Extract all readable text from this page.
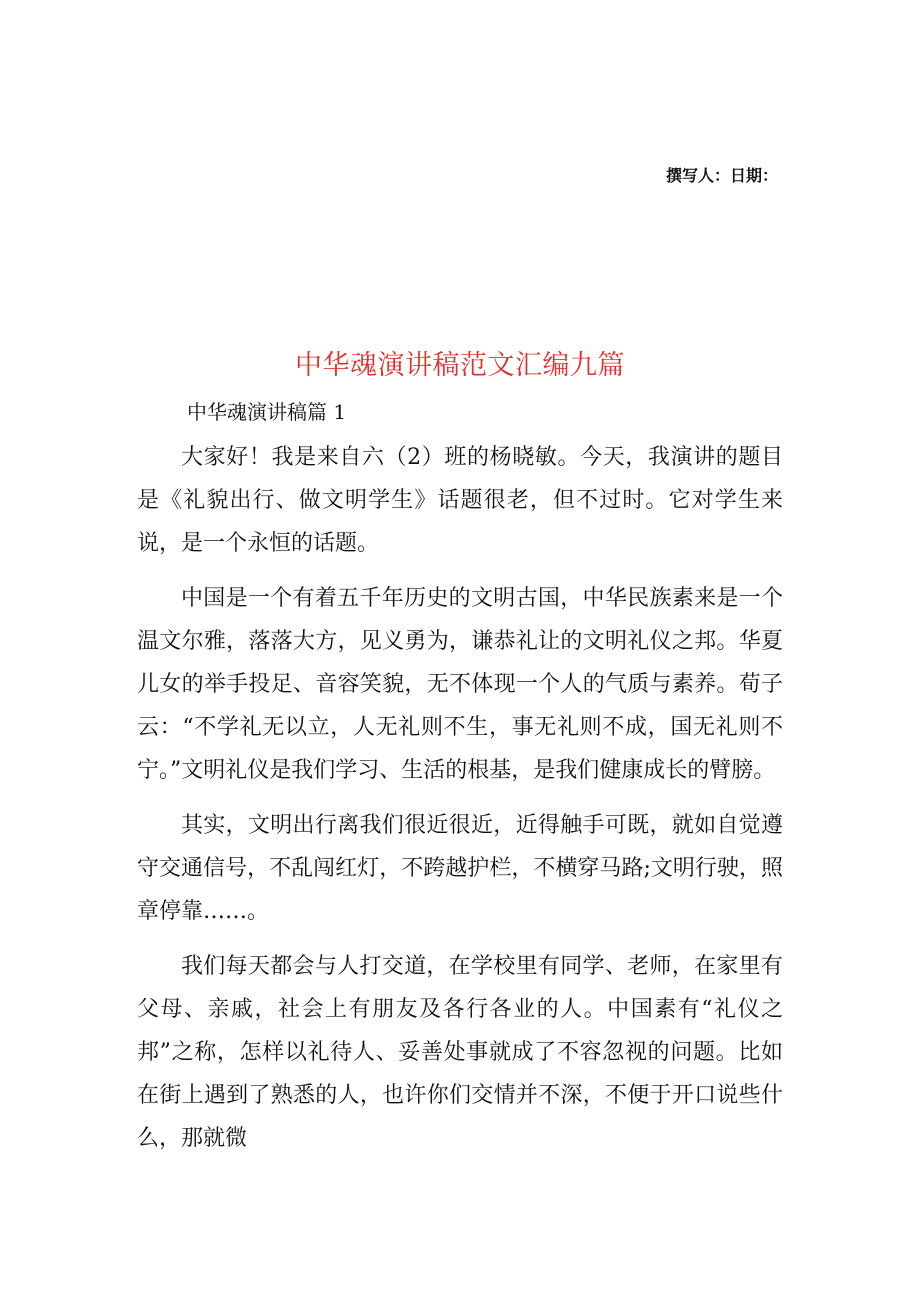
撰写人：日期：
中华魂演讲稿范文汇编九篇
中华魂演讲稿篇 1

大家好！我是来自六（2）班的杨晓敏。今天，我演讲的题目是《礼貌出行、做文明学生》话题很老，但不过时。它对学生来说，是一个永恒的话题。

中国是一个有着五千年历史的文明古国，中华民族素来是一个温文尔雅，落落大方，见义勇为，谦恭礼让的文明礼仪之邦。华夏儿女的举手投足、音容笑貌，无不体现一个人的气质与素养。荀子云：“不学礼无以立，人无礼则不生，事无礼则不成，国无礼则不宁。”文明礼仪是我们学习、生活的根基，是我们健康成长的臂膀。

其实，文明出行离我们很近很近，近得触手可既，就如自觉遵守交通信号，不乱闯红灯，不跨越护栏，不横穿马路;文明行驶，照章停靠……。

我们每天都会与人打交道，在学校里有同学、老师，在家里有父母、亲戚，社会上有朋友及各行各业的人。中国素有“礼仪之邦”之称，怎样以礼待人、妥善处事就成了不容忽视的问题。比如在街上遇到了熟悉的人，也许你们交情并不深，不便于开口说些什么，那就微
